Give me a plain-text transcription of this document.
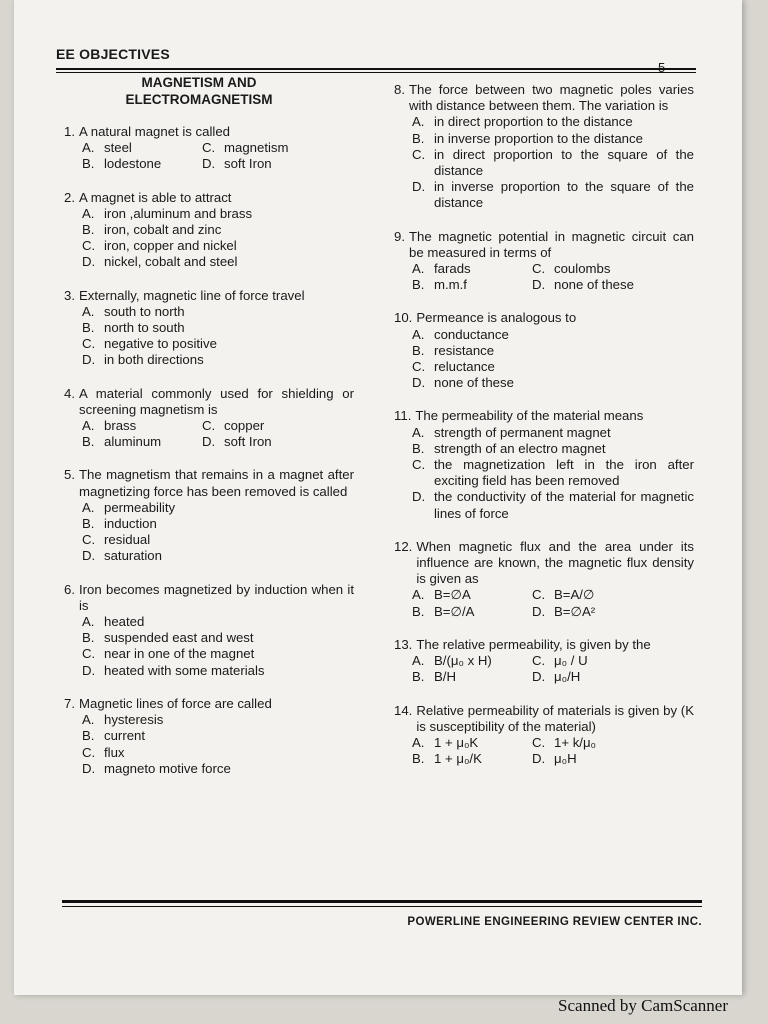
EE OBJECTIVES
- 5 -
MAGNETISM AND
ELECTROMAGNETISM
1. A natural magnet is called
A. steel	C. magnetism
B. lodestone	D. soft Iron
2. A magnet is able to attract
A. iron ,aluminum and brass
B. iron, cobalt and zinc
C. iron, copper and nickel
D. nickel, cobalt and steel
3. Externally, magnetic line of force travel
A. south to north
B. north to south
C. negative to positive
D. in both directions
4. A material commonly used for shielding or screening magnetism is
A. brass	C. copper
B. aluminum	D. soft Iron
5. The magnetism that remains in a magnet after magnetizing force has been removed is called
A. permeability
B. induction
C. residual
D. saturation
6. Iron becomes magnetized by induction when it is
A. heated
B. suspended east and west
C. near in one of the magnet
D. heated with some materials
7. Magnetic lines of force are called
A. hysteresis
B. current
C. flux
D. magneto motive force
8. The force between two magnetic poles varies with distance between them. The variation is
A. in direct proportion to the distance
B. in inverse proportion to the distance
C. in direct proportion to the square of the distance
D. in inverse proportion to the square of the distance
9. The magnetic potential in magnetic circuit can be measured in terms of
A. farads	C. coulombs
B. m.m.f	D. none of these
10. Permeance is analogous to
A. conductance
B. resistance
C. reluctance
D. none of these
11. The permeability of the material means
A. strength of permanent magnet
B. strength of an electro magnet
C. the magnetization left in the iron after exciting field has been removed
D. the conductivity of the material for magnetic lines of force
12. When magnetic flux and the area under its influence are known, the magnetic flux density is given as
A. B=∅A	C. B=A/∅
B. B=∅/A	D. B=∅A²
13. The relative permeability, is given by the
A. B/(μ₀ x H)	C. μ₀ / U
B. B/H	D. μ₀/H
14. Relative permeability of materials is given by (K is susceptibility of the material)
A. 1 + μ₀K	C. 1+ k/μ₀
B. 1 + μ₀/K	D. μ₀H
POWERLINE ENGINEERING REVIEW CENTER INC.
Scanned by CamScanner
